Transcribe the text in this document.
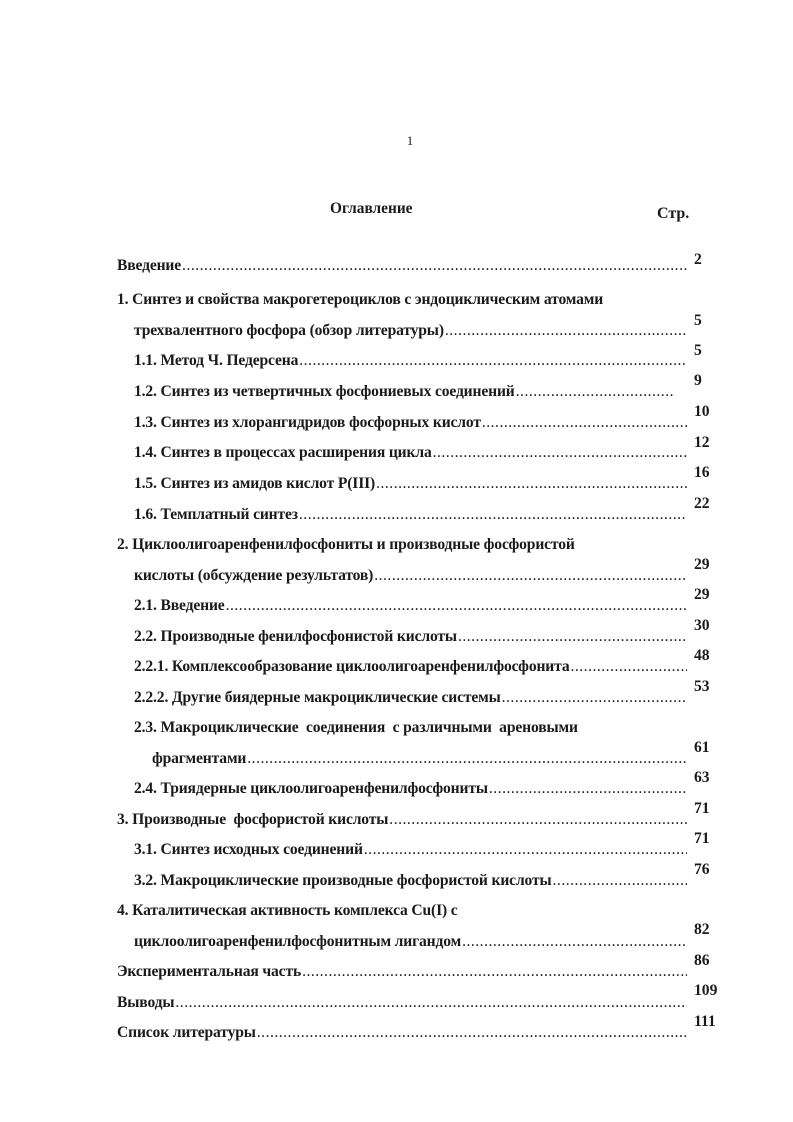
1
Оглавление	Стр.
Введение
.....	2
1. Синтез и свойства макрогетероциклов с эндоциклическим атомами
трехвалентного фосфора (обзор литературы)
.....
5
1.1. Метод Ч. Педерсена
.....
5
1.2. Синтез из четвертичных фосфониевых соединений
.....
9
1.3. Синтез из хлорангидридов фосфорных кислот
.....
10
1.4. Синтез в процессах расширения цикла
.....
12
1.5. Синтез из амидов кислот P(III)
.....
16
1.6. Темплатный синтез
.....
22
2. Циклоолигоаренфенилфосфониты и производные фосфористой
кислоты (обсуждение результатов)
.....
29
2.1. Введение
.....
29
2.2. Производные фенилфосфонистой кислоты
.....
30
2.2.1. Комплексообразование циклоолигоаренфенилфосфонита
.....
48
2.2.2. Другие биядерные макроциклические системы
.....
53
2.3. Макроциклические  соединения  с различными  ареновыми
фрагментами
.....
61
2.4. Триядерные циклоолигоаренфенилфосфониты
.....
63
3. Производные  фосфористой кислоты
.....
71
3.1. Синтез исходных соединений
.....
71
3.2. Макроциклические производные фосфористой кислоты
.....
76
4. Каталитическая активность комплекса Cu(I) с
циклоолигоаренфенилфосфонитным лигандом
.....
82
Экспериментальная часть
.....
86
Выводы
.....
109
Список литературы
.....
111
